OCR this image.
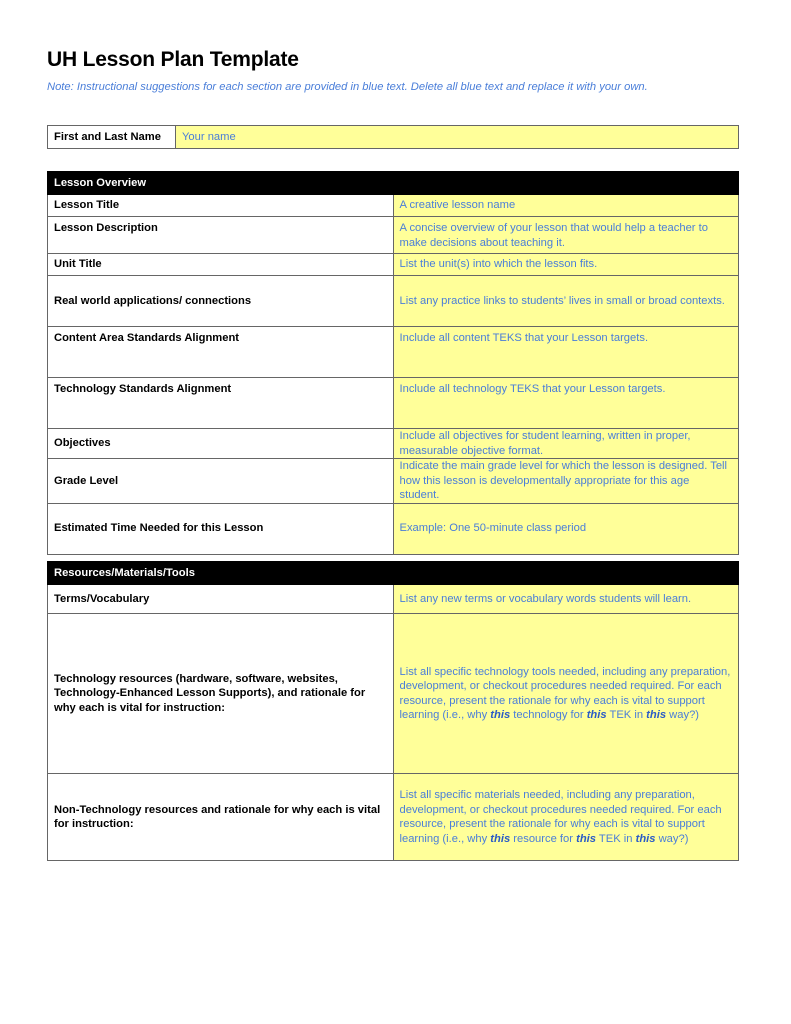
UH Lesson Plan Template
Note: Instructional suggestions for each section are provided in blue text. Delete all blue text and replace it with your own.
First and Last Name	Your name
Lesson Overview	
Lesson Title	A creative lesson name
Lesson Description	A concise overview of your lesson that would help a teacher to make decisions about teaching it.
Unit Title	List the unit(s) into which the lesson fits.
Real world applications/ connections	List any practice links to students’ lives in small or broad contexts.
Content Area Standards Alignment	Include all content TEKS that your Lesson targets.
Technology Standards Alignment	Include all technology TEKS that your Lesson targets.
Objectives	Include all objectives for student learning, written in proper, measurable objective format.
Grade Level	Indicate the main grade level for which the lesson is designed. Tell how this lesson is developmentally appropriate for this age student.
Estimated Time Needed for this Lesson	Example: One 50-minute class period
Resources/Materials/Tools	
Terms/Vocabulary	List any new terms or vocabulary words students will learn.
Technology resources (hardware, software, websites, Technology-Enhanced Lesson Supports), and rationale for why each is vital for instruction:	List all specific technology tools needed, including any preparation, development, or checkout procedures needed required. For each resource, present the rationale for why each is vital to support learning (i.e., why this technology for this TEK in this way?)
Non-Technology resources and rationale for why each is vital for instruction:	List all specific materials needed, including any preparation, development, or checkout procedures needed required. For each resource, present the rationale for why each is vital to support learning (i.e., why this resource for this TEK in this way?)
